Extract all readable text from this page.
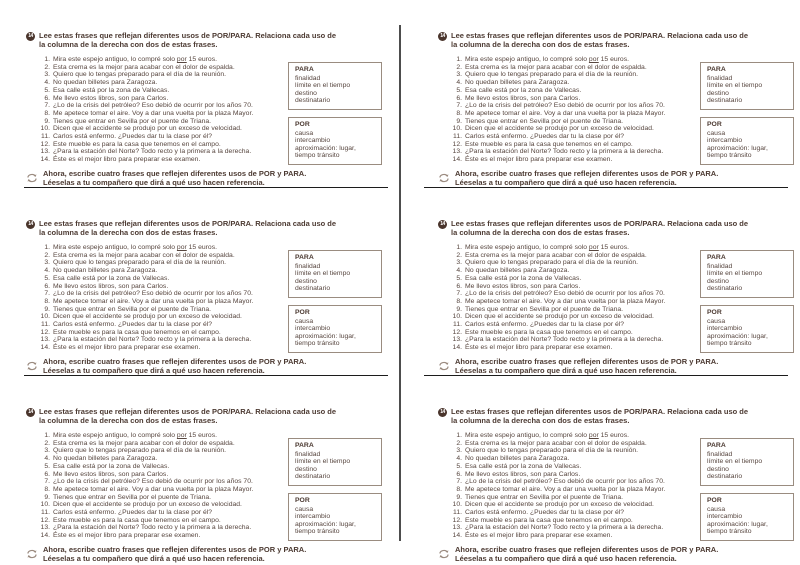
14 Lee estas frases que reflejan diferentes usos de POR/PARA. Relaciona cada uso de la columna de la derecha con dos de estas frases.
1. Mira este espejo antiguo, lo compré solo por 15 euros.
2. Esta crema es la mejor para acabar con el dolor de espalda.
3. Quiero que lo tengas preparado para el día de la reunión.
4. No quedan billetes para Zaragoza.
5. Esa calle está por la zona de Vallecas.
6. Me llevo estos libros, son para Carlos.
7. ¿Lo de la crisis del petróleo? Eso debió de ocurrir por los años 70.
8. Me apetece tomar el aire. Voy a dar una vuelta por la plaza Mayor.
9. Tienes que entrar en Sevilla por el puente de Triana.
10. Dicen que el accidente se produjo por un exceso de velocidad.
11. Carlos está enfermo. ¿Puedes dar tu la clase por él?
12. Este mueble es para la casa que tenemos en el campo.
13. ¿Para la estación del Norte? Todo recto y la primera a la derecha.
14. Éste es el mejor libro para preparar ese examen.
PARA
finalidad
límite en el tiempo
destino
destinatario
POR
causa
intercambio
aproximación: lugar, tiempo tránsito
Ahora, escribe cuatro frases que reflejen diferentes usos de POR y PARA.
Léeselas a tu compañero que dirá a qué uso hacen referencia.
14 Lee estas frases que reflejan diferentes usos de POR/PARA. Relaciona cada uso de la columna de la derecha con dos de estas frases.
1. Mira este espejo antiguo, lo compré solo por 15 euros.
2. Esta crema es la mejor para acabar con el dolor de espalda.
3. Quiero que lo tengas preparado para el día de la reunión.
4. No quedan billetes para Zaragoza.
5. Esa calle está por la zona de Vallecas.
6. Me llevo estos libros, son para Carlos.
7. ¿Lo de la crisis del petróleo? Eso debió de ocurrir por los años 70.
8. Me apetece tomar el aire. Voy a dar una vuelta por la plaza Mayor.
9. Tienes que entrar en Sevilla por el puente de Triana.
10. Dicen que el accidente se produjo por un exceso de velocidad.
11. Carlos está enfermo. ¿Puedes dar tu la clase por él?
12. Este mueble es para la casa que tenemos en el campo.
13. ¿Para la estación del Norte? Todo recto y la primera a la derecha.
14. Éste es el mejor libro para preparar ese examen.
PARA
finalidad
límite en el tiempo
destino
destinatario
POR
causa
intercambio
aproximación: lugar, tiempo tránsito
Ahora, escribe cuatro frases que reflejen diferentes usos de POR y PARA.
Léeselas a tu compañero que dirá a qué uso hacen referencia.
14 Lee estas frases que reflejan diferentes usos de POR/PARA. Relaciona cada uso de la columna de la derecha con dos de estas frases.
1. Mira este espejo antiguo, lo compré solo por 15 euros.
2. Esta crema es la mejor para acabar con el dolor de espalda.
3. Quiero que lo tengas preparado para el día de la reunión.
4. No quedan billetes para Zaragoza.
5. Esa calle está por la zona de Vallecas.
6. Me llevo estos libros, son para Carlos.
7. ¿Lo de la crisis del petróleo? Eso debió de ocurrir por los años 70.
8. Me apetece tomar el aire. Voy a dar una vuelta por la plaza Mayor.
9. Tienes que entrar en Sevilla por el puente de Triana.
10. Dicen que el accidente se produjo por un exceso de velocidad.
11. Carlos está enfermo. ¿Puedes dar tu la clase por él?
12. Este mueble es para la casa que tenemos en el campo.
13. ¿Para la estación del Norte? Todo recto y la primera a la derecha.
14. Éste es el mejor libro para preparar ese examen.
PARA
finalidad
límite en el tiempo
destino
destinatario
POR
causa
intercambio
aproximación: lugar, tiempo tránsito
Ahora, escribe cuatro frases que reflejen diferentes usos de POR y PARA.
Léeselas a tu compañero que dirá a qué uso hacen referencia.
14 Lee estas frases que reflejan diferentes usos de POR/PARA. Relaciona cada uso de la columna de la derecha con dos de estas frases.
1. Mira este espejo antiguo, lo compré solo por 15 euros.
2. Esta crema es la mejor para acabar con el dolor de espalda.
3. Quiero que lo tengas preparado para el día de la reunión.
4. No quedan billetes para Zaragoza.
5. Esa calle está por la zona de Vallecas.
6. Me llevo estos libros, son para Carlos.
7. ¿Lo de la crisis del petróleo? Eso debió de ocurrir por los años 70.
8. Me apetece tomar el aire. Voy a dar una vuelta por la plaza Mayor.
9. Tienes que entrar en Sevilla por el puente de Triana.
10. Dicen que el accidente se produjo por un exceso de velocidad.
11. Carlos está enfermo. ¿Puedes dar tu la clase por él?
12. Este mueble es para la casa que tenemos en el campo.
13. ¿Para la estación del Norte? Todo recto y la primera a la derecha.
14. Éste es el mejor libro para preparar ese examen.
PARA
finalidad
límite en el tiempo
destino
destinatario
POR
causa
intercambio
aproximación: lugar, tiempo tránsito
Ahora, escribe cuatro frases que reflejen diferentes usos de POR y PARA.
Léeselas a tu compañero que dirá a qué uso hacen referencia.
14 Lee estas frases que reflejan diferentes usos de POR/PARA. Relaciona cada uso de la columna de la derecha con dos de estas frases.
1. Mira este espejo antiguo, lo compré solo por 15 euros.
2. Esta crema es la mejor para acabar con el dolor de espalda.
3. Quiero que lo tengas preparado para el día de la reunión.
4. No quedan billetes para Zaragoza.
5. Esa calle está por la zona de Vallecas.
6. Me llevo estos libros, son para Carlos.
7. ¿Lo de la crisis del petróleo? Eso debió de ocurrir por los años 70.
8. Me apetece tomar el aire. Voy a dar una vuelta por la plaza Mayor.
9. Tienes que entrar en Sevilla por el puente de Triana.
10. Dicen que el accidente se produjo por un exceso de velocidad.
11. Carlos está enfermo. ¿Puedes dar tu la clase por él?
12. Este mueble es para la casa que tenemos en el campo.
13. ¿Para la estación del Norte? Todo recto y la primera a la derecha.
14. Éste es el mejor libro para preparar ese examen.
PARA
finalidad
límite en el tiempo
destino
destinatario
POR
causa
intercambio
aproximación: lugar, tiempo tránsito
Ahora, escribe cuatro frases que reflejen diferentes usos de POR y PARA.
Léeselas a tu compañero que dirá a qué uso hacen referencia.
14 Lee estas frases que reflejan diferentes usos de POR/PARA. Relaciona cada uso de la columna de la derecha con dos de estas frases.
1. Mira este espejo antiguo, lo compré solo por 15 euros.
2. Esta crema es la mejor para acabar con el dolor de espalda.
3. Quiero que lo tengas preparado para el día de la reunión.
4. No quedan billetes para Zaragoza.
5. Esa calle está por la zona de Vallecas.
6. Me llevo estos libros, son para Carlos.
7. ¿Lo de la crisis del petróleo? Eso debió de ocurrir por los años 70.
8. Me apetece tomar el aire. Voy a dar una vuelta por la plaza Mayor.
9. Tienes que entrar en Sevilla por el puente de Triana.
10. Dicen que el accidente se produjo por un exceso de velocidad.
11. Carlos está enfermo. ¿Puedes dar tu la clase por él?
12. Este mueble es para la casa que tenemos en el campo.
13. ¿Para la estación del Norte? Todo recto y la primera a la derecha.
14. Éste es el mejor libro para preparar ese examen.
PARA
finalidad
límite en el tiempo
destino
destinatario
POR
causa
intercambio
aproximación: lugar, tiempo tránsito
Ahora, escribe cuatro frases que reflejen diferentes usos de POR y PARA.
Léeselas a tu compañero que dirá a qué uso hacen referencia.
